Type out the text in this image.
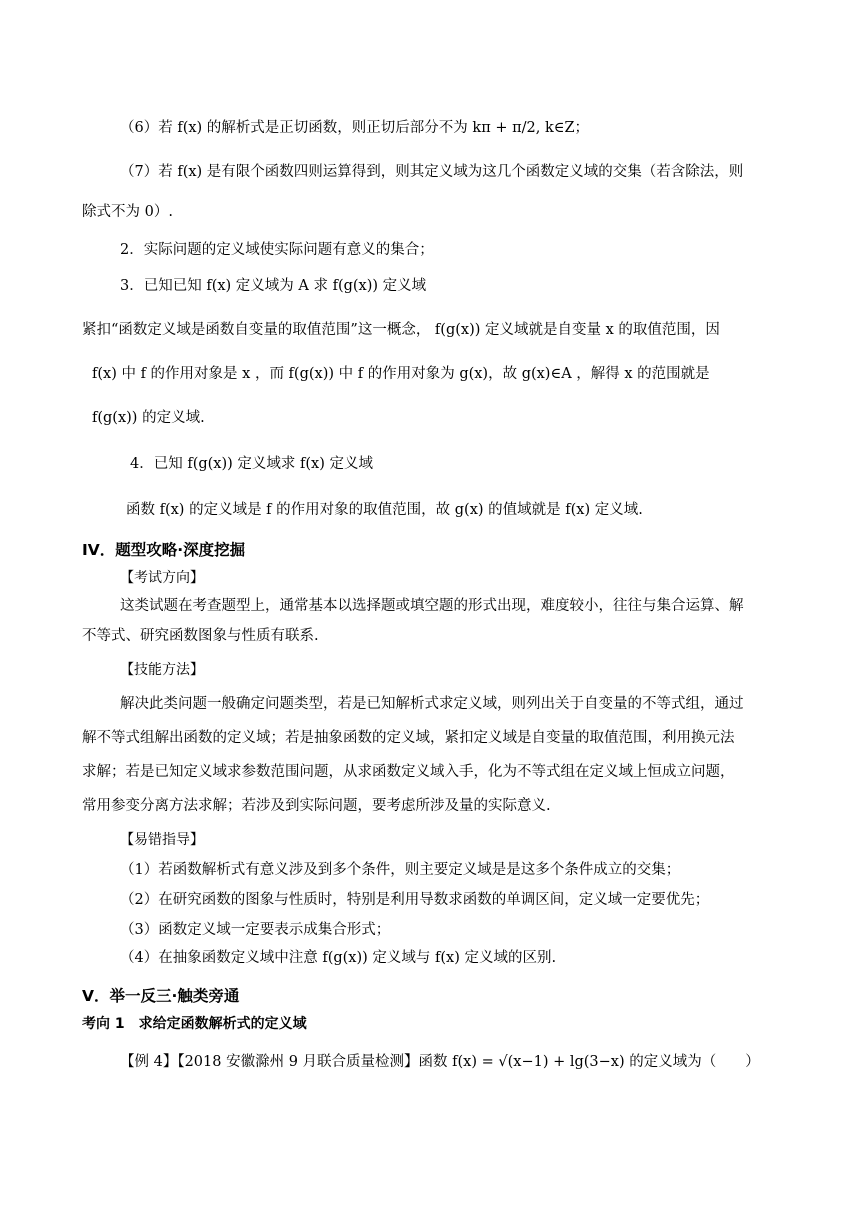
（6）若 f(x) 的解析式是正切函数，则正切后部分不为 kπ + π/2, k∈Z；
（7）若 f(x) 是有限个函数四则运算得到，则其定义域为这几个函数定义域的交集（若含除法，则
除式不为 0）.
2．实际问题的定义域使实际问题有意义的集合；
3．已知已知 f(x) 定义域为 A 求 f(g(x)) 定义域
紧扣“函数定义域是函数自变量的取值范围”这一概念， f(g(x)) 定义域就是自变量 x 的取值范围，因
f(x) 中 f 的作用对象是 x ，而 f(g(x)) 中 f 的作用对象为 g(x)，故 g(x)∈A ，解得 x 的范围就是
f(g(x)) 的定义域.
4．已知 f(g(x)) 定义域求 f(x) 定义域
函数 f(x) 的定义域是 f 的作用对象的取值范围，故 g(x) 的值域就是 f(x) 定义域.
IV．题型攻略·深度挖掘
【考试方向】
这类试题在考查题型上，通常基本以选择题或填空题的形式出现，难度较小，往往与集合运算、解
不等式、研究函数图象与性质有联系.
【技能方法】
解决此类问题一般确定问题类型，若是已知解析式求定义域，则列出关于自变量的不等式组，通过
解不等式组解出函数的定义域；若是抽象函数的定义域，紧扣定义域是自变量的取值范围，利用换元法
求解；若是已知定义域求参数范围问题，从求函数定义域入手，化为不等式组在定义域上恒成立问题，
常用参变分离方法求解；若涉及到实际问题，要考虑所涉及量的实际意义.
【易错指导】
（1）若函数解析式有意义涉及到多个条件，则主要定义域是是这多个条件成立的交集；
（2）在研究函数的图象与性质时，特别是利用导数求函数的单调区间，定义域一定要优先；
（3）函数定义域一定要表示成集合形式；
（4）在抽象函数定义域中注意 f(g(x)) 定义域与 f(x) 定义域的区别.
V．举一反三·触类旁通
考向 1　求给定函数解析式的定义域
【例 4】【2018 安徽滁州 9 月联合质量检测】函数 f(x) = √(x−1) + lg(3−x) 的定义域为（　　）
